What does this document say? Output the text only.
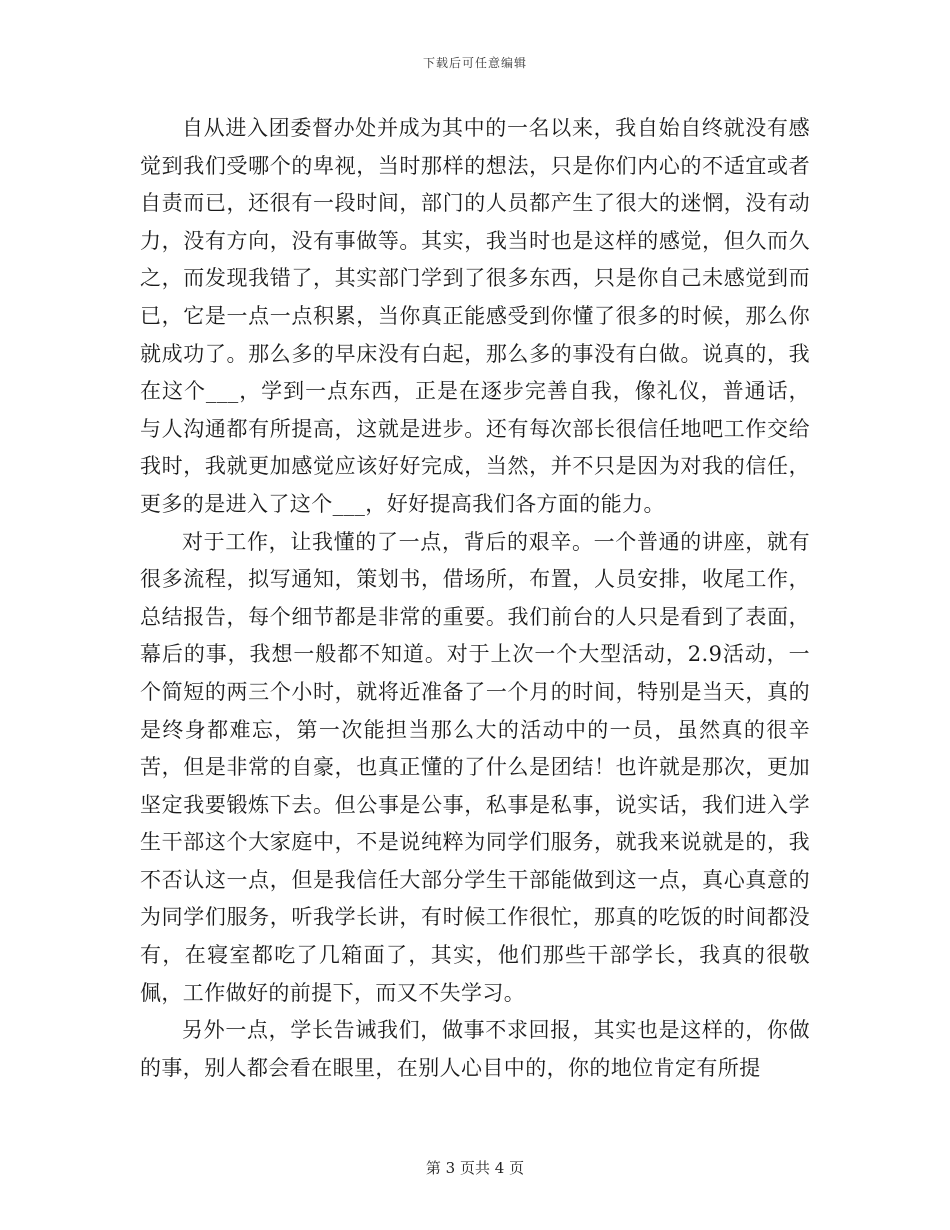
下载后可任意编辑

自从进入团委督办处并成为其中的一名以来，我自始自终就没有感觉到我们受哪个的卑视，当时那样的想法，只是你们内心的不适宜或者自责而已，还很有一段时间，部门的人员都产生了很大的迷惘，没有动力，没有方向，没有事做等。其实，我当时也是这样的感觉，但久而久之，而发现我错了，其实部门学到了很多东西，只是你自己未感觉到而已，它是一点一点积累，当你真正能感受到你懂了很多的时候，那么你就成功了。那么多的早床没有白起，那么多的事没有白做。说真的，我在这个___，学到一点东西，正是在逐步完善自我，像礼仪，普通话，与人沟通都有所提高，这就是进步。还有每次部长很信任地吧工作交给我时，我就更加感觉应该好好完成，当然，并不只是因为对我的信任，更多的是进入了这个___，好好提高我们各方面的能力。

对于工作，让我懂的了一点，背后的艰辛。一个普通的讲座，就有很多流程，拟写通知，策划书，借场所，布置，人员安排，收尾工作，总结报告，每个细节都是非常的重要。我们前台的人只是看到了表面，幕后的事，我想一般都不知道。对于上次一个大型活动，2.9活动，一个简短的两三个小时，就将近准备了一个月的时间，特别是当天，真的是终身都难忘，第一次能担当那么大的活动中的一员，虽然真的很辛苦，但是非常的自豪，也真正懂的了什么是团结！也许就是那次，更加坚定我要锻炼下去。但公事是公事，私事是私事，说实话，我们进入学生干部这个大家庭中，不是说纯粹为同学们服务，就我来说就是的，我不否认这一点，但是我信任大部分学生干部能做到这一点，真心真意的为同学们服务，听我学长讲，有时候工作很忙，那真的吃饭的时间都没有，在寝室都吃了几箱面了，其实，他们那些干部学长，我真的很敬佩，工作做好的前提下，而又不失学习。

另外一点，学长告诫我们，做事不求回报，其实也是这样的，你做的事，别人都会看在眼里，在别人心目中的，你的地位肯定有所提

第 3 页共 4 页
